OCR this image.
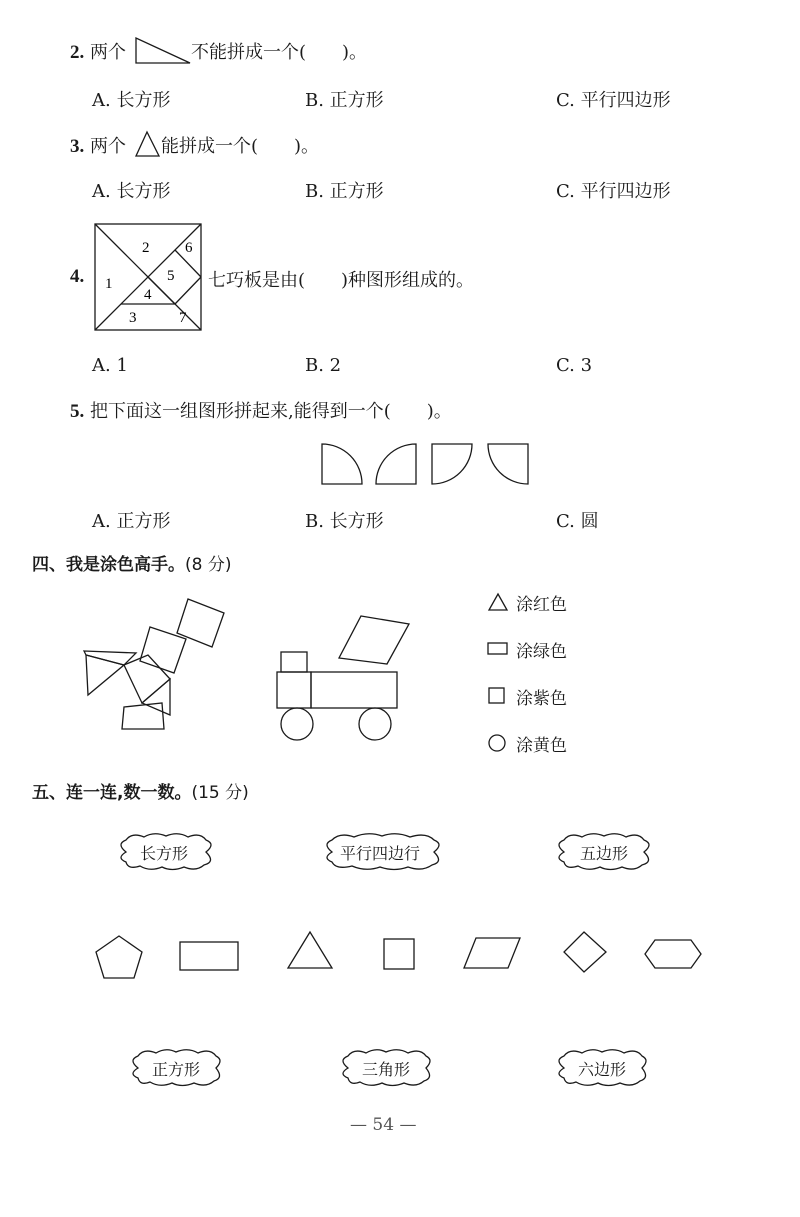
2. 两个	不能拼成一个(　　)。
A. 长方形	B. 正方形	C. 平行四边形
3. 两个 能拼成一个(　　)。
A. 长方形	B. 正方形	C. 平行四边形
4. 1
2
3
4
5
6
7
七巧板是由(　　)种图形组成的。
A. 1	B. 2	C. 3
5. 把下面这一组图形拼起来,能得到一个(　　)。
A. 正方形	B. 长方形	C. 圆
四、我是涂色高手。(8 分)
涂红色
涂绿色
涂紫色
涂黄色
五、连一连,数一数。(15 分)
长方形	平行四边行	五边形
正方形	三角形	六边形
— 54 —
